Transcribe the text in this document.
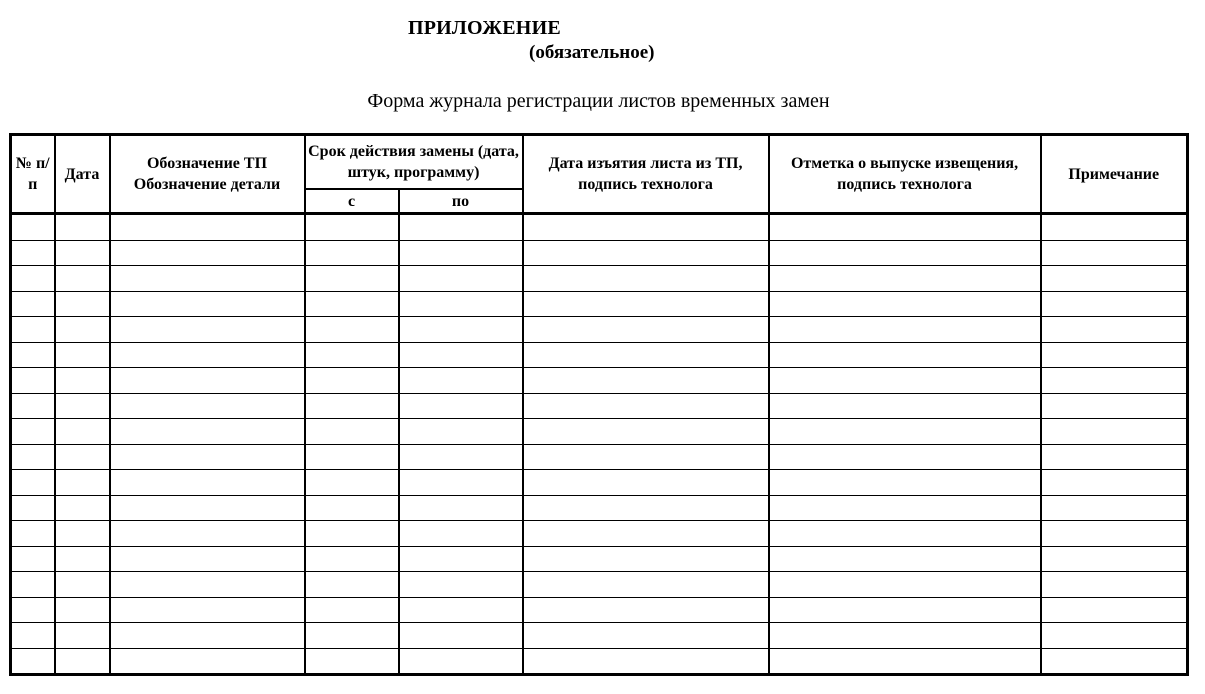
ПРИЛОЖЕНИЕ
(обязательное)
Форма журнала регистрации листов временных замен
№ п/п	Дата	Обозначение ТП Обозначение детали	Срок действия замены (дата, штук, программу)		Дата изъятия листа из ТП, подпись технолога	Отметка о выпуске извещения, подпись технолога	Примечание
			с	по			
